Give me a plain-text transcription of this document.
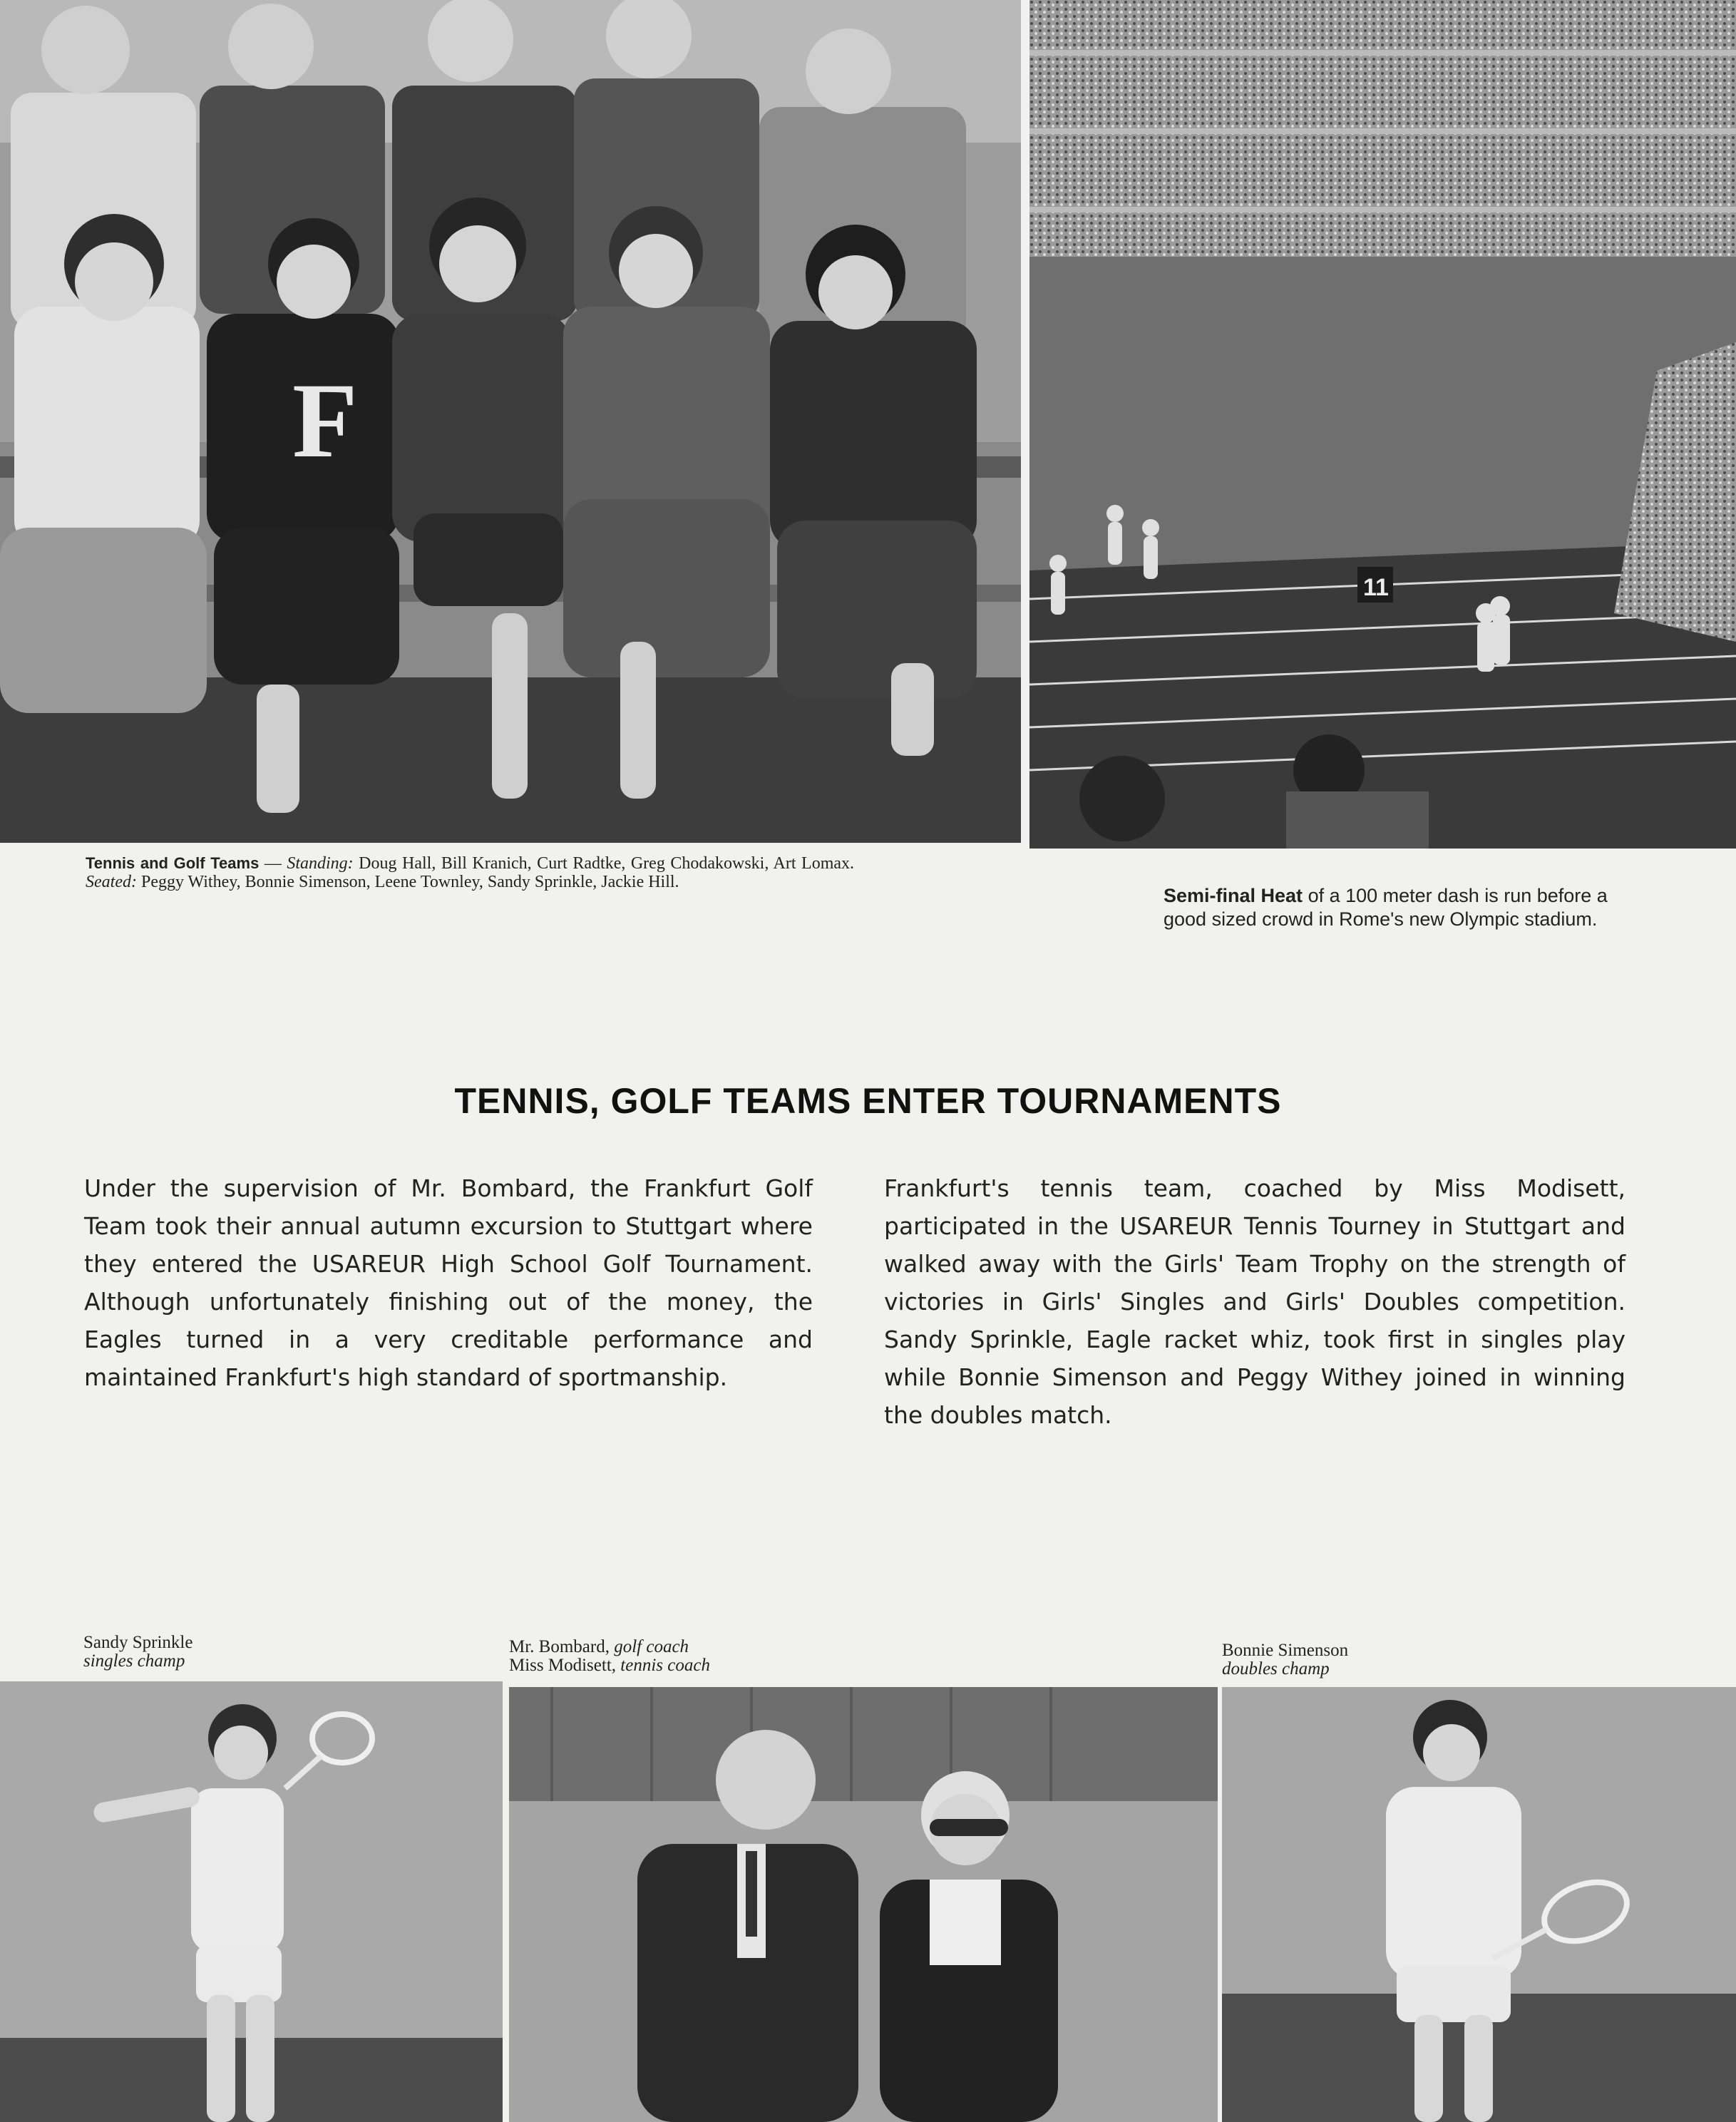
F
11
Tennis and Golf Teams — Standing: Doug Hall, Bill Kranich, Curt Radtke, Greg Chodakowski, Art Lomax. Seated: Peggy Withey, Bonnie Simenson, Leene Townley, Sandy Sprinkle, Jackie Hill.
Semi-final Heat of a 100 meter dash is run before a good sized crowd in Rome's new Olympic stadium.
TENNIS, GOLF TEAMS ENTER TOURNAMENTS
Under the supervision of Mr. Bombard, the Frankfurt Golf Team took their annual autumn excursion to Stuttgart where they entered the USAREUR High School Golf Tournament. Although unfortunately finishing out of the money, the Eagles turned in a very creditable performance and maintained Frankfurt's high standard of sportmanship.
Frankfurt's tennis team, coached by Miss Modisett, participated in the USAREUR Tennis Tourney in Stuttgart and walked away with the Girls' Team Trophy on the strength of victories in Girls' Singles and Girls' Doubles competition. Sandy Sprinkle, Eagle racket whiz, took first in singles play while Bonnie Simenson and Peggy Withey joined in winning the doubles match.
Sandy Sprinkle
singles champ
Mr. Bombard, golf coach
Miss Modisett, tennis coach
Bonnie Simenson
doubles champ
